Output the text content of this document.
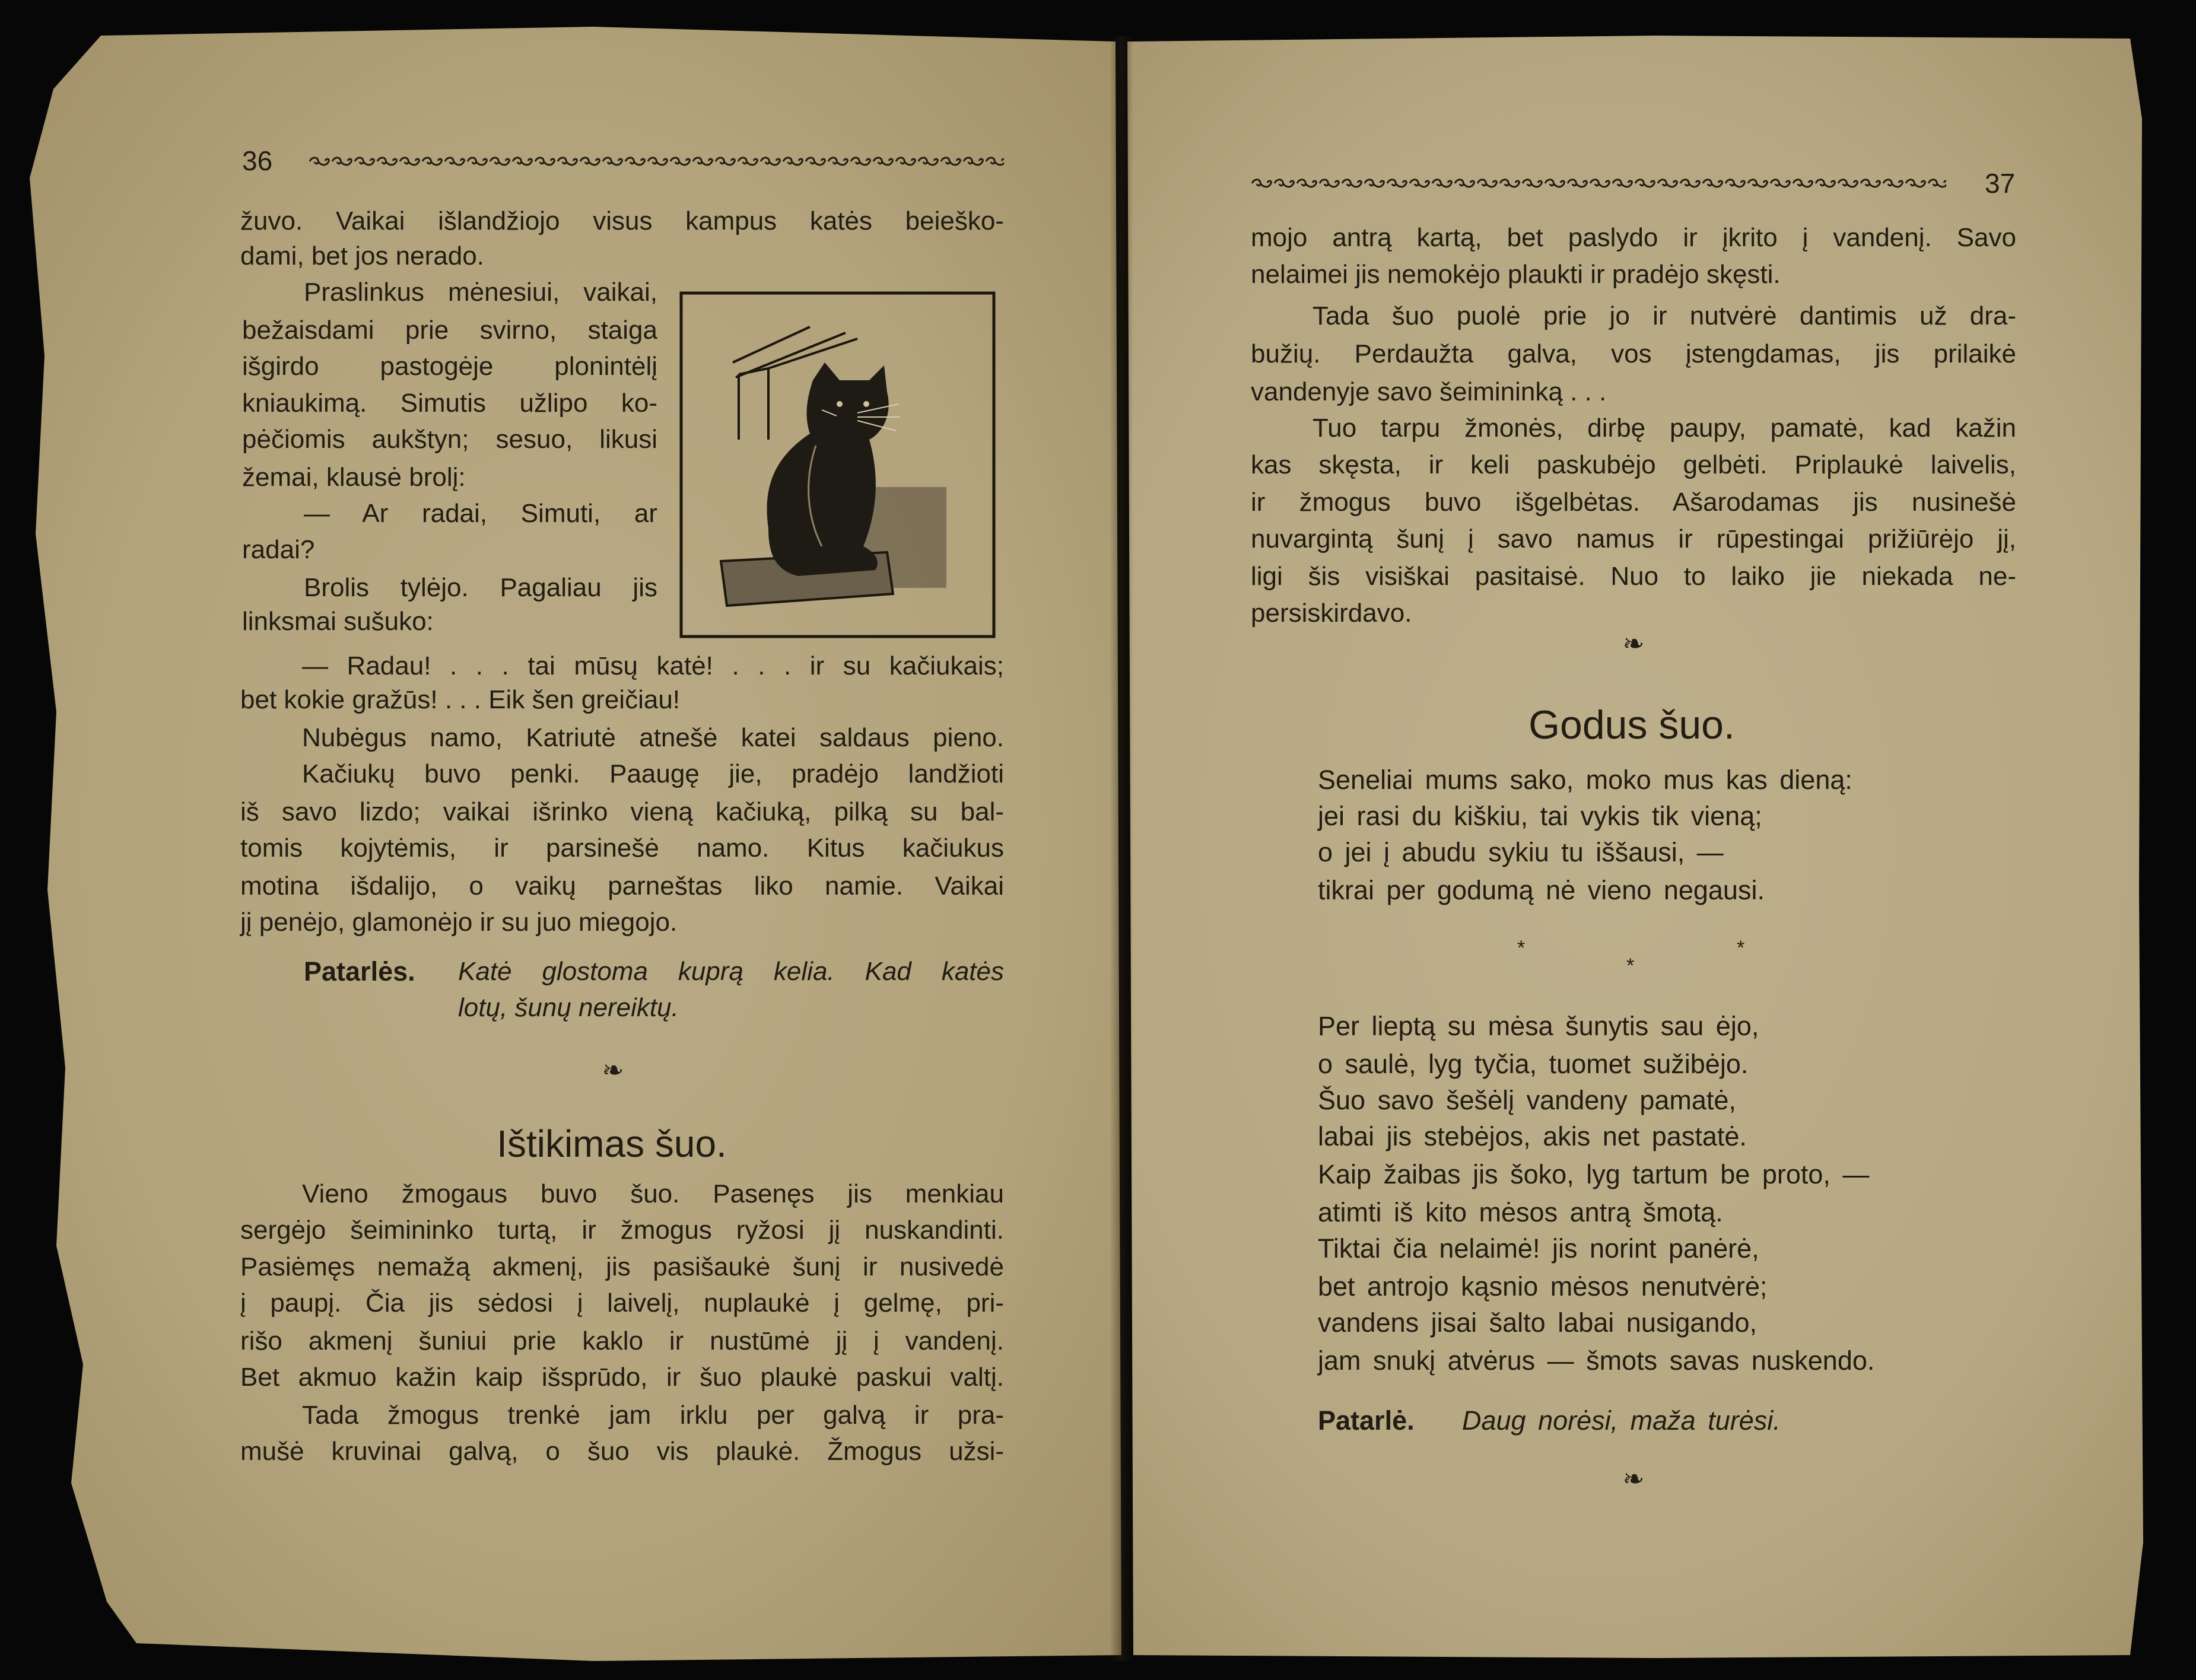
36
žuvo. Vaikai išlandžiojo visus kampus katės beieško-
dami, bet jos nerado.
Praslinkus mėnesiui, vaikai,
bežaisdami prie svirno, staiga
išgirdo pastogėje plonintėlį
kniaukimą. Simutis užlipo ko-
pėčiomis aukštyn; sesuo, likusi
žemai, klausė brolį:
— Ar radai, Simuti, ar
radai?
Brolis tylėjo. Pagaliau jis
linksmai sušuko:
— Radau! . . . tai mūsų katė! . . . ir su kačiukais;
bet kokie gražūs! . . . Eik šen greičiau!
Nubėgus namo, Katriutė atnešė katei saldaus pieno.
Kačiukų buvo penki. Paaugę jie, pradėjo landžioti
iš savo lizdo; vaikai išrinko vieną kačiuką, pilką su bal-
tomis kojytėmis, ir parsinešė namo. Kitus kačiukus
motina išdalijo, o vaikų parneštas liko namie. Vaikai
jį penėjo, glamonėjo ir su juo miegojo.
Patarlės. Katė glostoma kuprą kelia. Kad katės
lotų, šunų nereiktų.
❧
Ištikimas šuo.
Vieno žmogaus buvo šuo. Pasenęs jis menkiau
sergėjo šeimininko turtą, ir žmogus ryžosi jį nuskandinti.
Pasiėmęs nemažą akmenį, jis pasišaukė šunį ir nusivedė
į paupį. Čia jis sėdosi į laivelį, nuplaukė į gelmę, pri-
rišo akmenį šuniui prie kaklo ir nustūmė jį į vandenį.
Bet akmuo kažin kaip išsprūdo, ir šuo plaukė paskui valtį.
Tada žmogus trenkė jam irklu per galvą ir pra-
mušė kruvinai galvą, o šuo vis plaukė. Žmogus užsi-
37
mojo antrą kartą, bet paslydo ir įkrito į vandenį. Savo
nelaimei jis nemokėjo plaukti ir pradėjo skęsti.
Tada šuo puolė prie jo ir nutvėrė dantimis už dra-
bužių. Perdaužta galva, vos įstengdamas, jis prilaikė
vandenyje savo šeimininką . . .
Tuo tarpu žmonės, dirbę paupy, pamatė, kad kažin
kas skęsta, ir keli paskubėjo gelbėti. Priplaukė laivelis,
ir žmogus buvo išgelbėtas. Ašarodamas jis nusinešė
nuvargintą šunį į savo namus ir rūpestingai prižiūrėjo jį,
ligi šis visiškai pasitaisė. Nuo to laiko jie niekada ne-
persiskirdavo.
❧
Godus šuo.
Seneliai mums sako, moko mus kas dieną:
jei rasi du kiškiu, tai vykis tik vieną;
o jei į abudu sykiu tu iššausi, —
tikrai per godumą nė vieno negausi.
*	*
*
Per lieptą su mėsa šunytis sau ėjo,
o saulė, lyg tyčia, tuomet sužibėjo.
Šuo savo šešėlį vandeny pamatė,
labai jis stebėjos, akis net pastatė.
Kaip žaibas jis šoko, lyg tartum be proto, —
atimti iš kito mėsos antrą šmotą.
Tiktai čia nelaimė! jis norint panėrė,
bet antrojo kąsnio mėsos nenutvėrė;
vandens jisai šalto labai nusigando,
jam snukį atvėrus — šmots savas nuskendo.
Patarlė. Daug norėsi, maža turėsi.
❧
